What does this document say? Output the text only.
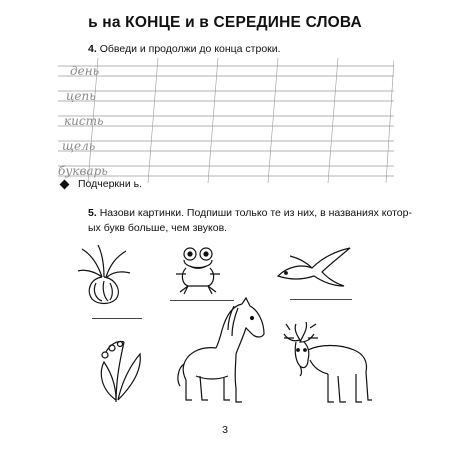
ь на КОНЦЕ и в СЕРЕДИНЕ СЛОВА
4. Обведи и продолжи до конца строки.
день
цепь
кисть
щель
букварь
Подчеркни ь.
5. Назови картинки. Подпиши только те из них, в названиях котор-
ых букв больше, чем звуков.
3
